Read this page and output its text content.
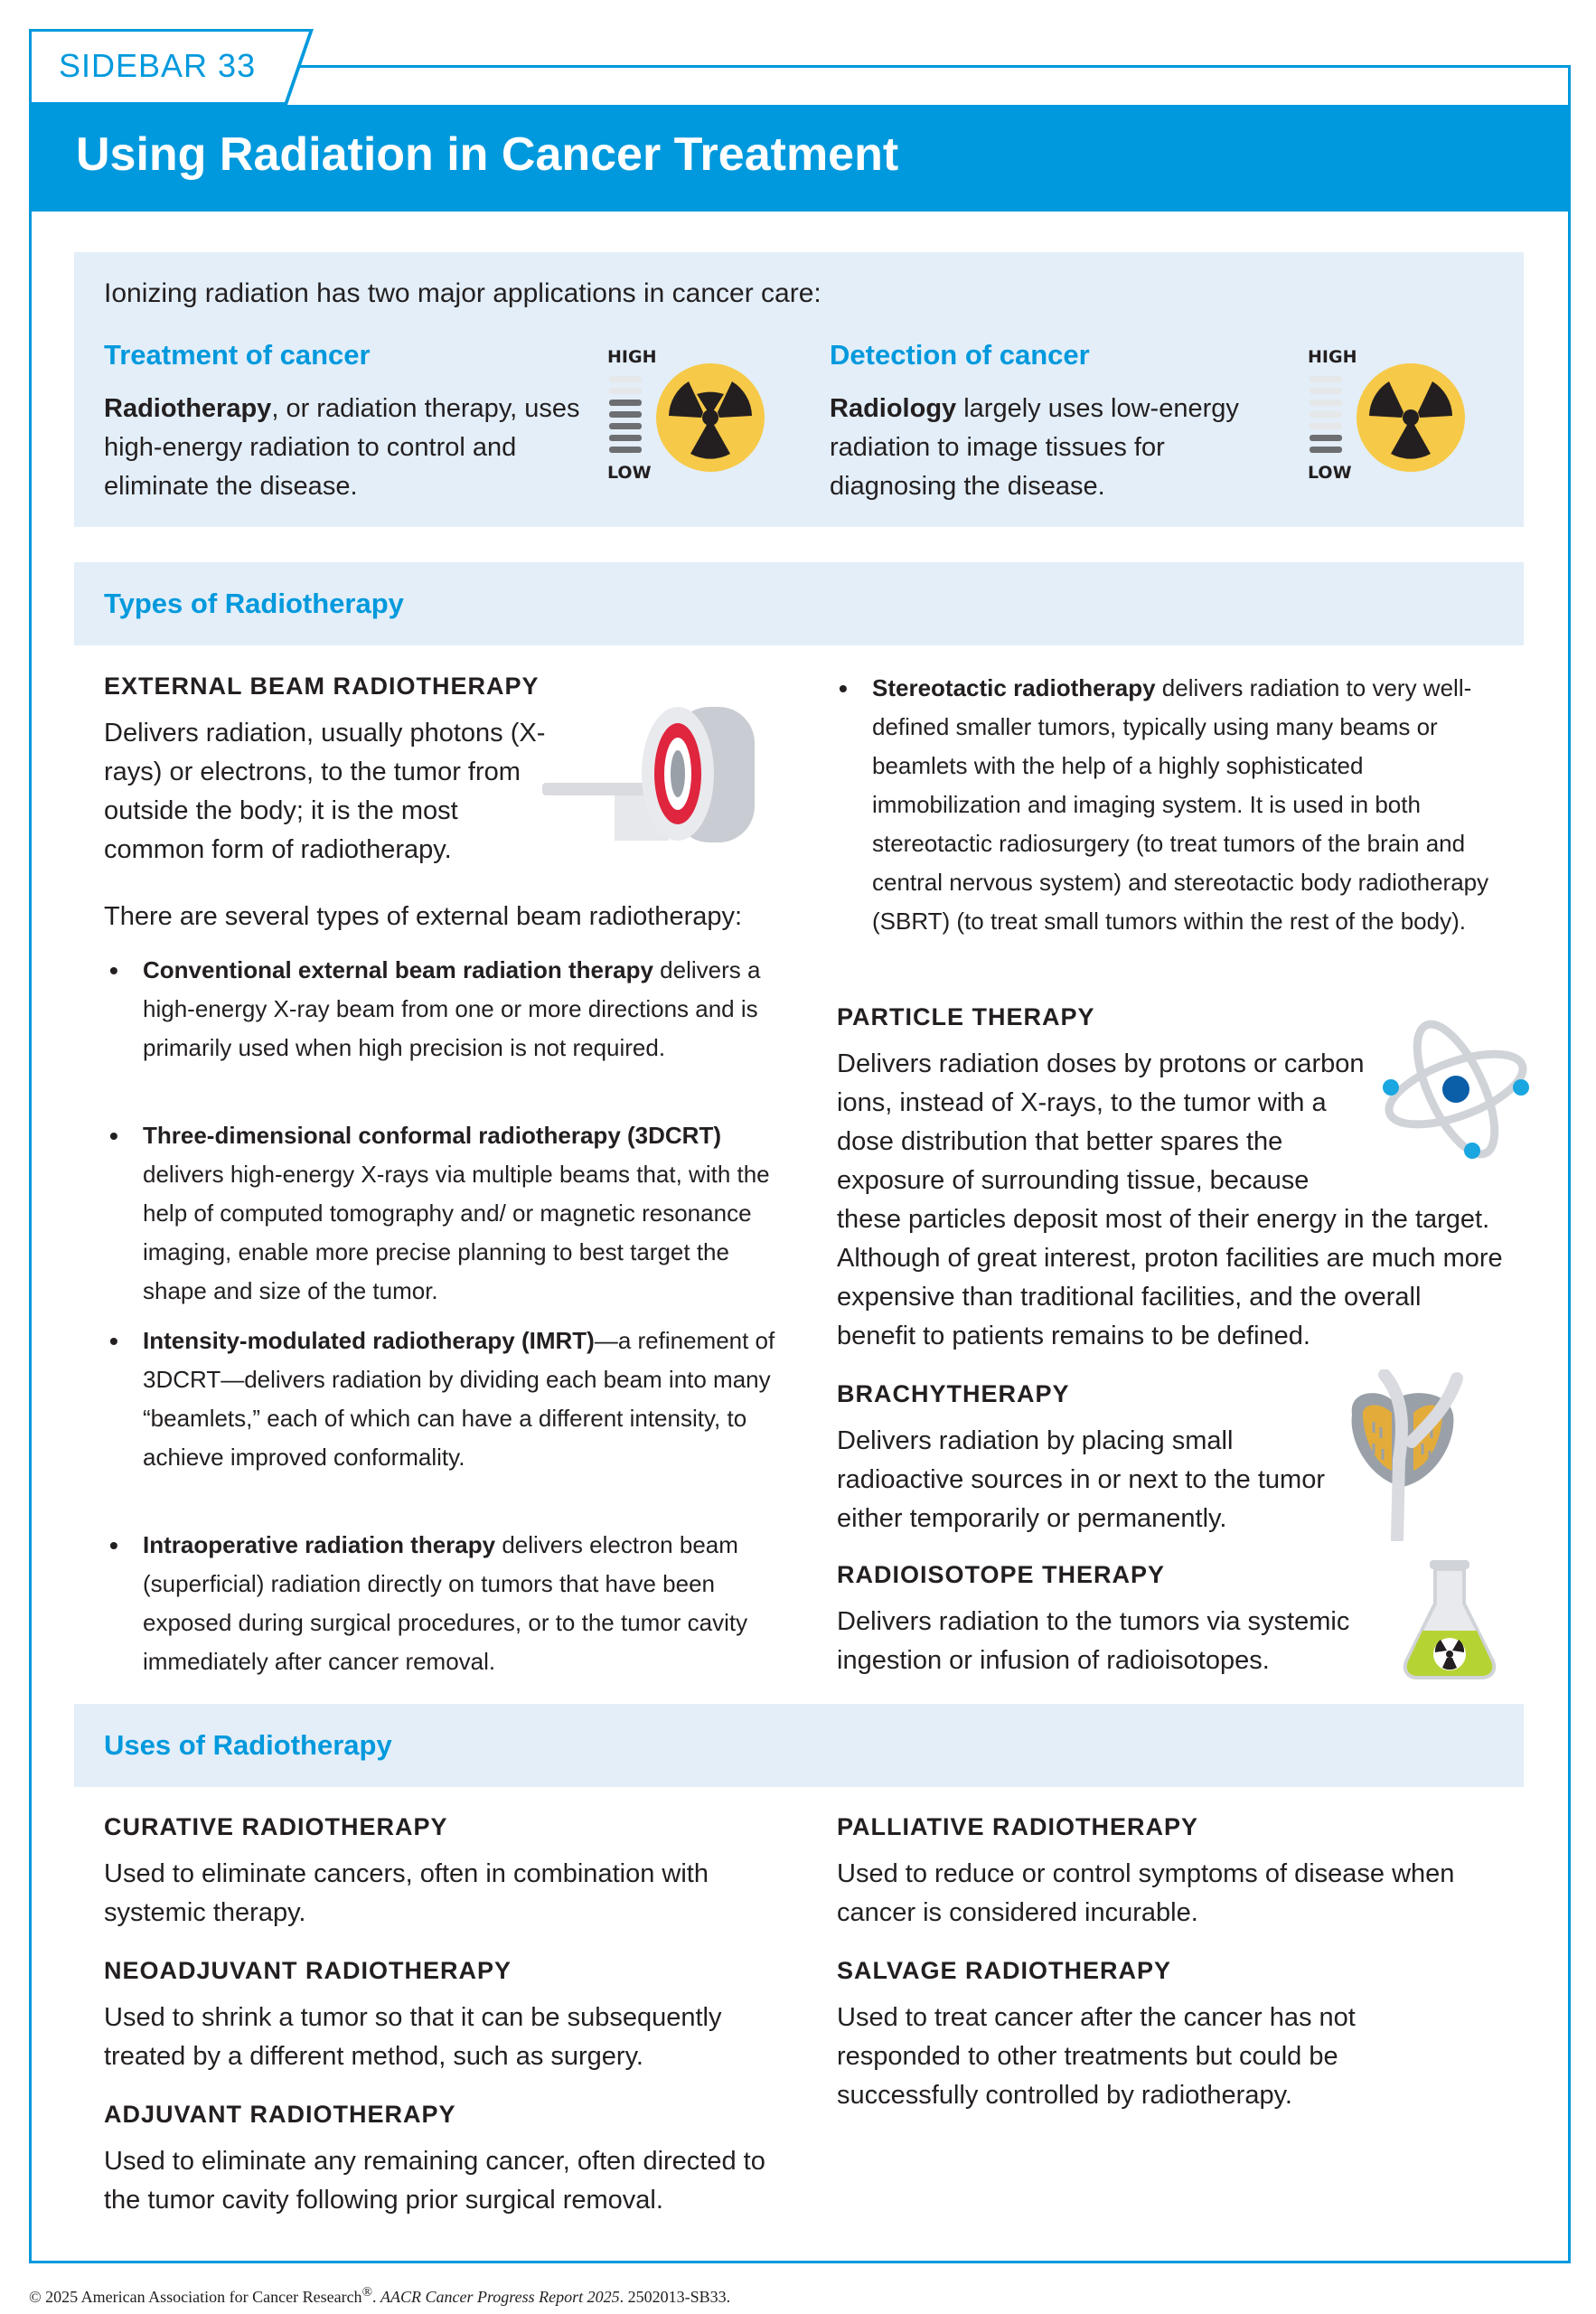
SIDEBAR 33
Using Radiation in Cancer Treatment
Ionizing radiation has two major applications in cancer care:
Treatment of cancer
Radiotherapy, or radiation therapy, uses high-energy radiation to control and eliminate the disease.
HIGH
LOW
Detection of cancer
Radiology largely uses low-energy radiation to image tissues for diagnosing the disease.
HIGH
LOW
Types of Radiotherapy
EXTERNAL BEAM RADIOTHERAPY
Delivers radiation, usually photons (X-rays) or electrons, to the tumor from outside the body; it is the most common form of radiotherapy.
There are several types of external beam radiotherapy:
• Conventional external beam radiation therapy delivers a high-energy X-ray beam from one or more directions and is primarily used when high precision is not required.
• Three-dimensional conformal radiotherapy (3DCRT) delivers high-energy X-rays via multiple beams that, with the help of computed tomography and/ or magnetic resonance imaging, enable more precise planning to best target the shape and size of the tumor.
• Intensity-modulated radiotherapy (IMRT)—a refinement of 3DCRT—delivers radiation by dividing each beam into many “beamlets,” each of which can have a different intensity, to achieve improved conformality.
• Intraoperative radiation therapy delivers electron beam (superficial) radiation directly on tumors that have been exposed during surgical procedures, or to the tumor cavity immediately after cancer removal.
• Stereotactic radiotherapy delivers radiation to very well-defined smaller tumors, typically using many beams or beamlets with the help of a highly sophisticated immobilization and imaging system. It is used in both stereotactic radiosurgery (to treat tumors of the brain and central nervous system) and stereotactic body radiotherapy (SBRT) (to treat small tumors within the rest of the body).
PARTICLE THERAPY
Delivers radiation doses by protons or carbon ions, instead of X-rays, to the tumor with a dose distribution that better spares the exposure of surrounding tissue, because these particles deposit most of their energy in the target. Although of great interest, proton facilities are much more expensive than traditional facilities, and the overall benefit to patients remains to be defined.
BRACHYTHERAPY
Delivers radiation by placing small radioactive sources in or next to the tumor either temporarily or permanently.
RADIOISOTOPE THERAPY
Delivers radiation to the tumors via systemic ingestion or infusion of radioisotopes.
Uses of Radiotherapy
CURATIVE RADIOTHERAPY
Used to eliminate cancers, often in combination with systemic therapy.
NEOADJUVANT RADIOTHERAPY
Used to shrink a tumor so that it can be subsequently treated by a different method, such as surgery.
ADJUVANT RADIOTHERAPY
Used to eliminate any remaining cancer, often directed to the tumor cavity following prior surgical removal.
PALLIATIVE RADIOTHERAPY
Used to reduce or control symptoms of disease when cancer is considered incurable.
SALVAGE RADIOTHERAPY
Used to treat cancer after the cancer has not responded to other treatments but could be successfully controlled by radiotherapy.
© 2025 American Association for Cancer Research®. AACR Cancer Progress Report 2025. 2502013-SB33.
